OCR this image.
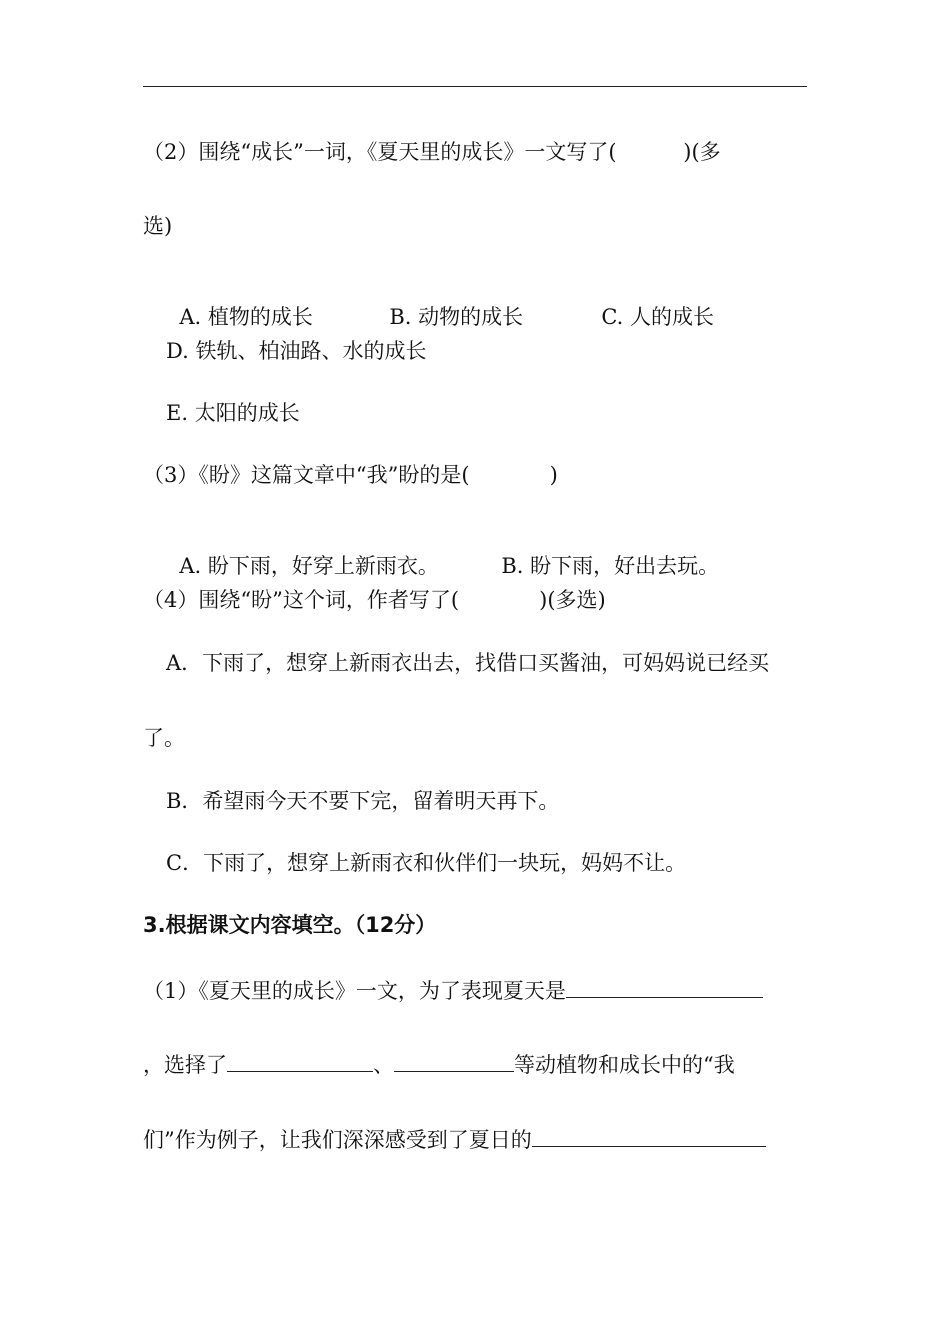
（2）围绕“成长”一词，《夏天里的成长》一文写了(          )(多
选)

A. 植物的成长	B. 动物的成长	C. 人的成长

D. 铁轨、柏油路、水的成长
E. 太阳的成长
（3）《盼》这篇文章中“我”盼的是(            )

A. 盼下雨，好穿上新雨衣。	B. 盼下雨，好出去玩。

（4）围绕“盼”这个词，作者写了(            )(多选)
A．下雨了，想穿上新雨衣出去，找借口买酱油，可妈妈说已经买
了。
B．希望雨今天不要下完，留着明天再下。
C．下雨了，想穿上新雨衣和伙伴们一块玩，妈妈不让。
3.根据课文内容填空。（12分）
（1）《夏天里的成长》一文，为了表现夏天是
，选择了	、	等动植物和成长中的“我
们”作为例子，让我们深深感受到了夏日的
